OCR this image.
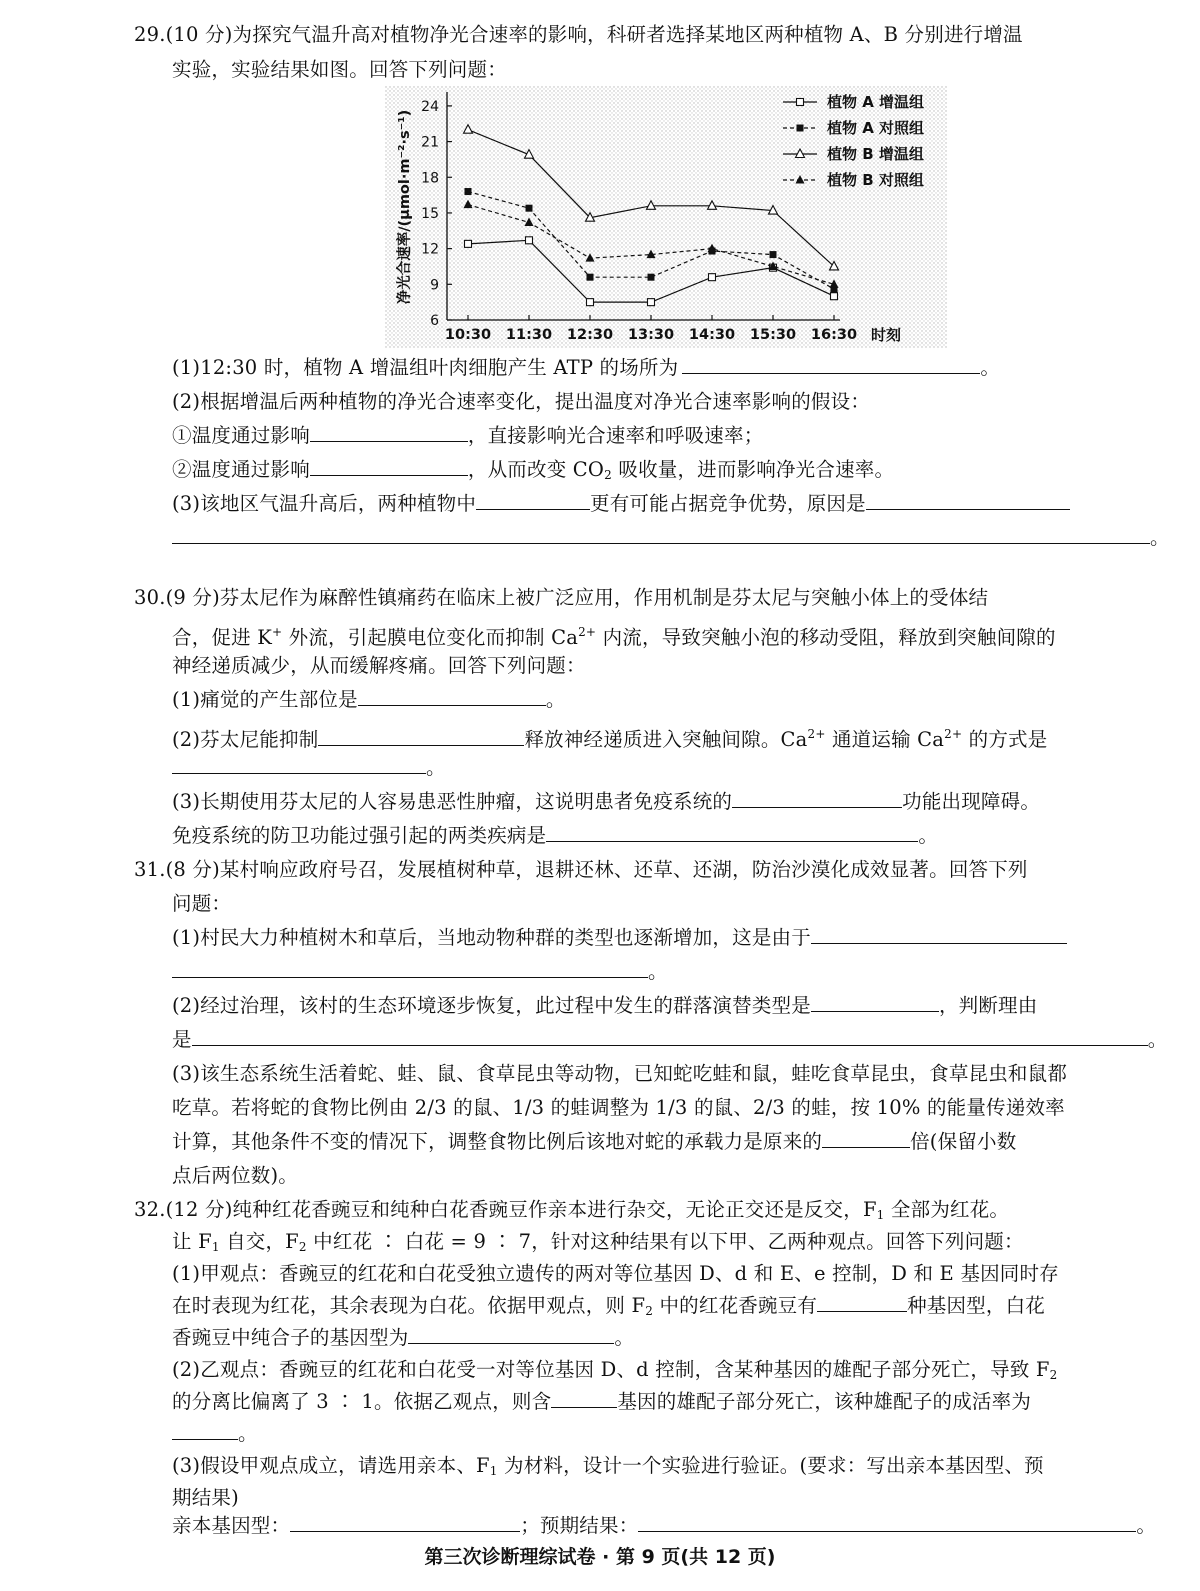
29.(10 分)为探究气温升高对植物净光合速率的影响，科研者选择某地区两种植物 A、B 分别进行增温
实验，实验结果如图。回答下列问题：
6
9
12
15
18
21
24
10:30 11:30 12:30 13:30 14:30 15:30 16:30 时刻
净光合速率/(μmol·m⁻²·s⁻¹)
植物 A 增温组
植物 A 对照组
植物 B 增温组
植物 B 对照组
(1)12:30 时，植物 A 增温组叶肉细胞产生 ATP 的场所为	。
(2)根据增温后两种植物的净光合速率变化，提出温度对净光合速率影响的假设：
①温度通过影响	，直接影响光合速率和呼吸速率；
②温度通过影响	，从而改变 $CO_2$ 吸收量，进而影响净光合速率。
(3)该地区气温升高后，两种植物中	更有可能占据竞争优势，原因是
。
30.(9 分)芬太尼作为麻醉性镇痛药在临床上被广泛应用，作用机制是芬太尼与突触小体上的受体结
合，促进 K+ 外流，引起膜电位变化而抑制 $Ca^{2+}$ 内流，导致突触小泡的移动受阻，释放到突触间隙的
神经递质减少，从而缓解疼痛。回答下列问题：
(1)痛觉的产生部位是	。
(2)芬太尼能抑制	释放神经递质进入突触间隙。$Ca^{2+}$ 通道运输 $Ca^{2+}$ 的方式是
。
(3)长期使用芬太尼的人容易患恶性肿瘤，这说明患者免疫系统的	功能出现障碍。
免疫系统的防卫功能过强引起的两类疾病是	。
31.(8 分)某村响应政府号召，发展植树种草，退耕还林、还草、还湖，防治沙漠化成效显著。回答下列
问题：
(1)村民大力种植树木和草后，当地动物种群的类型也逐渐增加，这是由于
。
(2)经过治理，该村的生态环境逐步恢复，此过程中发生的群落演替类型是	，判断理由
是	。
(3)该生态系统生活着蛇、蛙、鼠、食草昆虫等动物，已知蛇吃蛙和鼠，蛙吃食草昆虫，食草昆虫和鼠都
吃草。若将蛇的食物比例由 2/3 的鼠、1/3 的蛙调整为 1/3 的鼠、2/3 的蛙，按 10% 的能量传递效率
计算，其他条件不变的情况下，调整食物比例后该地对蛇的承载力是原来的	倍(保留小数
点后两位数)。
32.(12 分)纯种红花香豌豆和纯种白花香豌豆作亲本进行杂交，无论正交还是反交，$F_1$ 全部为红花。
让 $F_1$ 自交，$F_2$ 中红花 ∶ 白花 = 9 ∶ 7，针对这种结果有以下甲、乙两种观点。回答下列问题：
(1)甲观点：香豌豆的红花和白花受独立遗传的两对等位基因 D、d 和 E、e 控制，D 和 E 基因同时存
在时表现为红花，其余表现为白花。依据甲观点，则 $F_2$ 中的红花香豌豆有	种基因型，白花
香豌豆中纯合子的基因型为	。
(2)乙观点：香豌豆的红花和白花受一对等位基因 D、d 控制，含某种基因的雄配子部分死亡，导致 $F_2$
的分离比偏离了 3 ∶ 1。依据乙观点，则含	基因的雄配子部分死亡，该种雄配子的成活率为
。
(3)假设甲观点成立，请选用亲本、$F_1$ 为材料，设计一个实验进行验证。(要求：写出亲本基因型、预
期结果)
亲本基因型：	；预期结果：	。
第三次诊断理综试卷 · 第 9 页(共 12 页)
